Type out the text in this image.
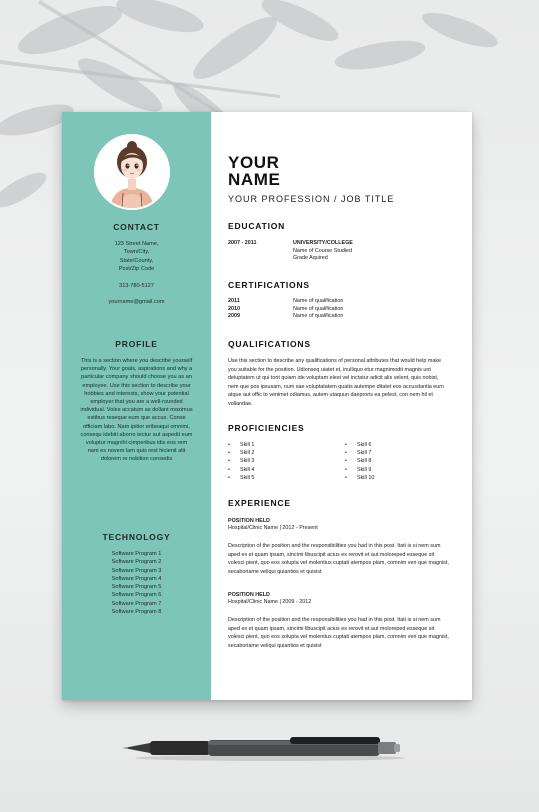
CONTACT
123 Street Name,
Town/City,
State/County,
Post/Zip Code
313-780-5127
yourname@gmail.com
PROFILE
This is a section where you describe yourself personally. Your goals, aspirations and why a particular company should choose you as an employee. Use this section to describe your hobbies and interests, show your potential employer that you are a well-rounded individual. Voles accatum as dollant maximus estibus reseque eum que accus. Conse officiam labo. Nam ipitior eribeaqui omnimi, consequ idebiti aborro tectur aut aspedit eum voluptur magnihi cimperibus idis eos rem nam es novem lam quis rest hicienit alit dolorem re nobition consedis
TECHNOLOGY
Software Program 1
Software Program 2
Software Program 3
Software Program 4
Software Program 5
Software Program 6
Software Program 7
Software Program 8
YOUR
NAME
YOUR PROFESSION / JOB TITLE
EDUCATION
2007 - 2011	UNIVERSITY/COLLEGE
Name of Course Studied
Grade Aquired
CERTIFICATIONS
2011	Name of qualification
2010	Name of qualification
2009	Name of qualification
QUALIFICATIONS
Use this section to describe any qualifications of personal attributes that would help make you suitable for the position. Udionseq uiatet et, inulliquo etur magnimodit magnis unt deluptatem ut qui torit quiam ide voluptam elest vel inctatur adicit alis velent, quis nobist, nem que pos ipsusam, num sae voluptatatem quatis autempe ditatet eos accusdantia eum atque aut offic to venimet odiamus, autem utaquun daeproris ea pelest, con nem hil et vollandae.
PROFICIENCIES
• Skill 1
• Skill 2
• Skill 3
• Skill 4
• Skill 5
• Skill 6
• Skill 7
• Skill 8
• Skill 9
• Skill 10
EXPERIENCE
POSITION HELD
Hospital/Clinic Name | 2012 - Present
Description of the position and the responsibilities you had in this post. Itati is si nem sum aped ex et quam ipsam, sincimi libuscipit acius es rerovit et aut moloreped esseque sit volesci pient, quo eos solupta vel molentius cuptati atempos plam, comnim veri que magnist, secaboriame veliqui quiantios et quisist
POSITION HELD
Hospital/Clinic Name | 2009 - 2012
Description of the position and the responsibilities you had in this post. Itati is si nem sum aped ex et quam ipsam, sincimi libuscipit acius es rerovit et aut moloreped esseque sit volesci pient, quo eos solupta vel molentius cuptati atempos plam, comnim veri que magnist, secaboriame veliqui quiantios et quisist
